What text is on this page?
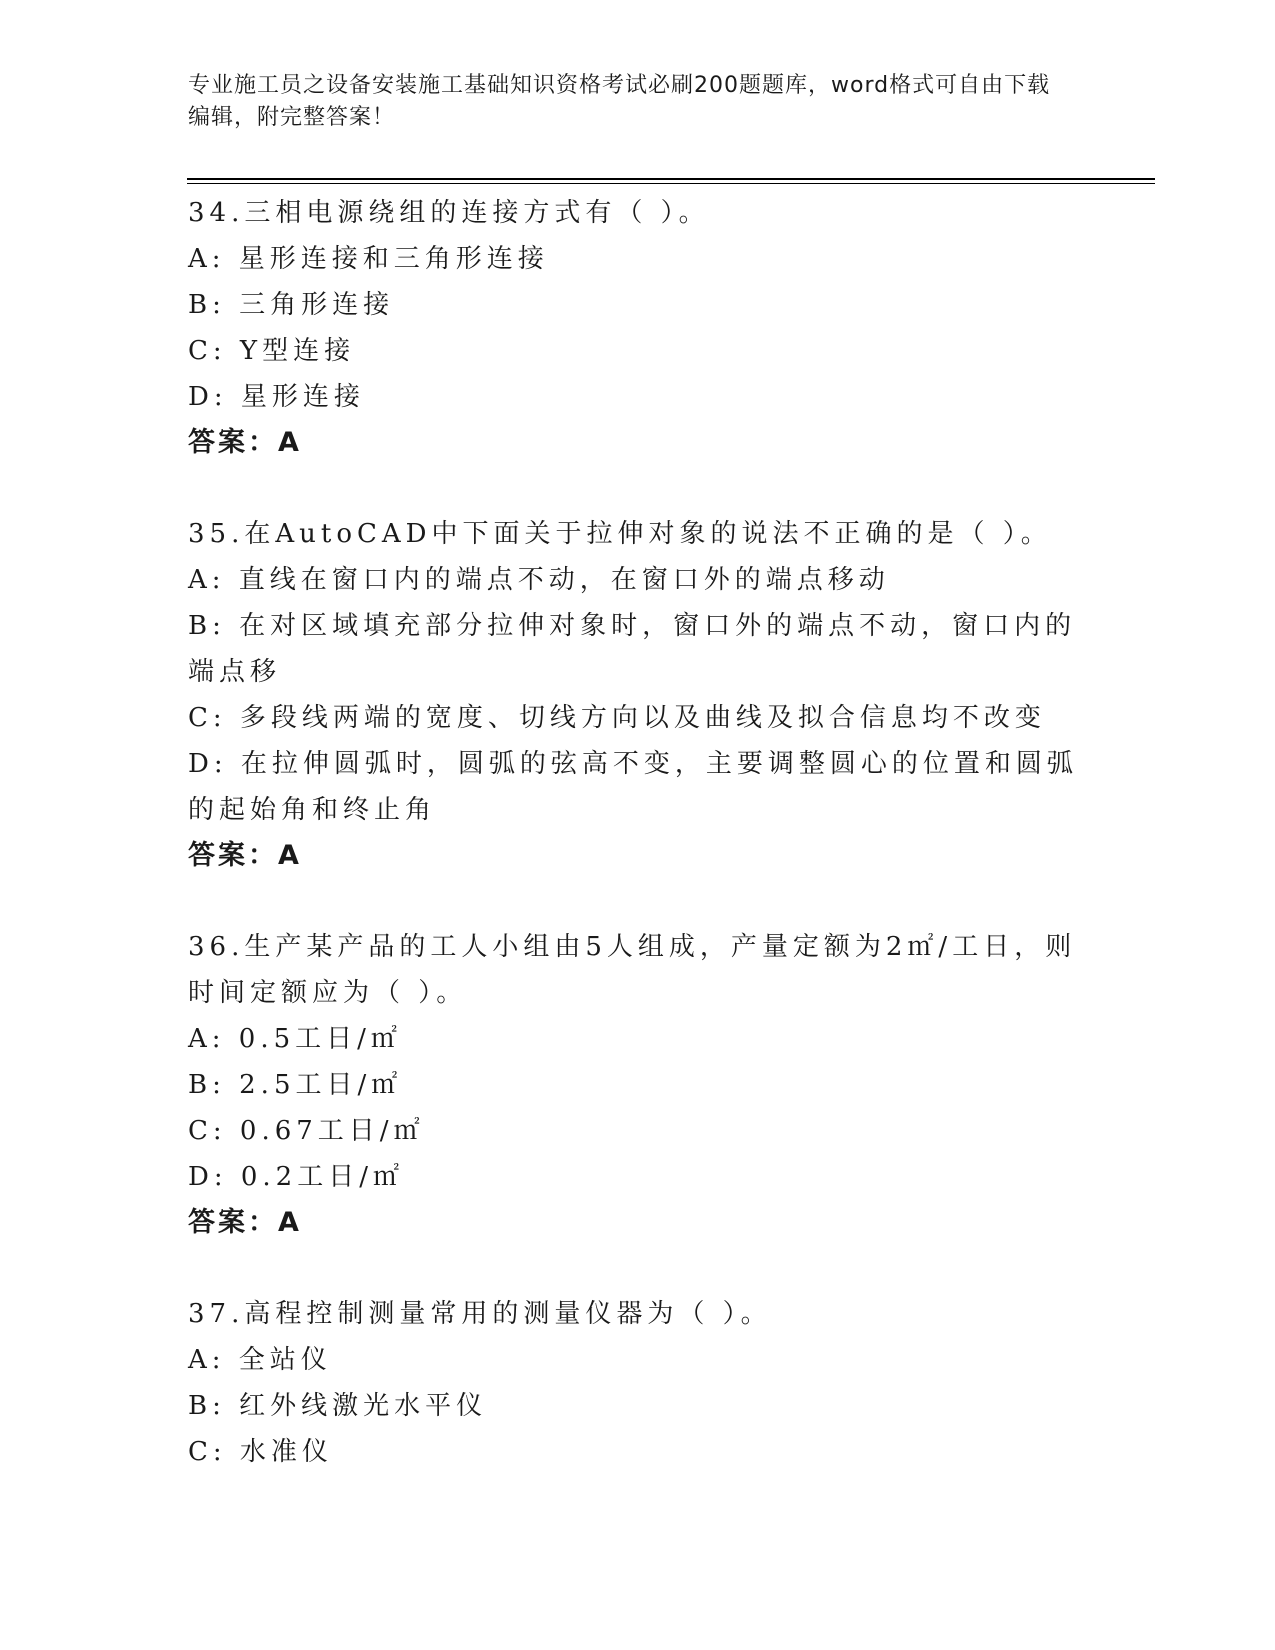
专业施工员之设备安装施工基础知识资格考试必刷200题题库，word格式可自由下载编辑，附完整答案！
34.三相电源绕组的连接方式有（ ）。
A: 星形连接和三角形连接
B: 三角形连接
C: Y型连接
D: 星形连接
答案：A
35.在AutoCAD中下面关于拉伸对象的说法不正确的是（ ）。
A: 直线在窗口内的端点不动，在窗口外的端点移动
B: 在对区域填充部分拉伸对象时，窗口外的端点不动，窗口内的端点移
C: 多段线两端的宽度、切线方向以及曲线及拟合信息均不改变
D: 在拉伸圆弧时，圆弧的弦高不变，主要调整圆心的位置和圆弧的起始角和终止角
答案：A
36.生产某产品的工人小组由5人组成，产量定额为2㎡/工日，则时间定额应为（ ）。
A: 0.5工日/㎡
B: 2.5工日/㎡
C: 0.67工日/㎡
D: 0.2工日/㎡
答案：A
37.高程控制测量常用的测量仪器为（ ）。
A: 全站仪
B: 红外线激光水平仪
C: 水准仪
